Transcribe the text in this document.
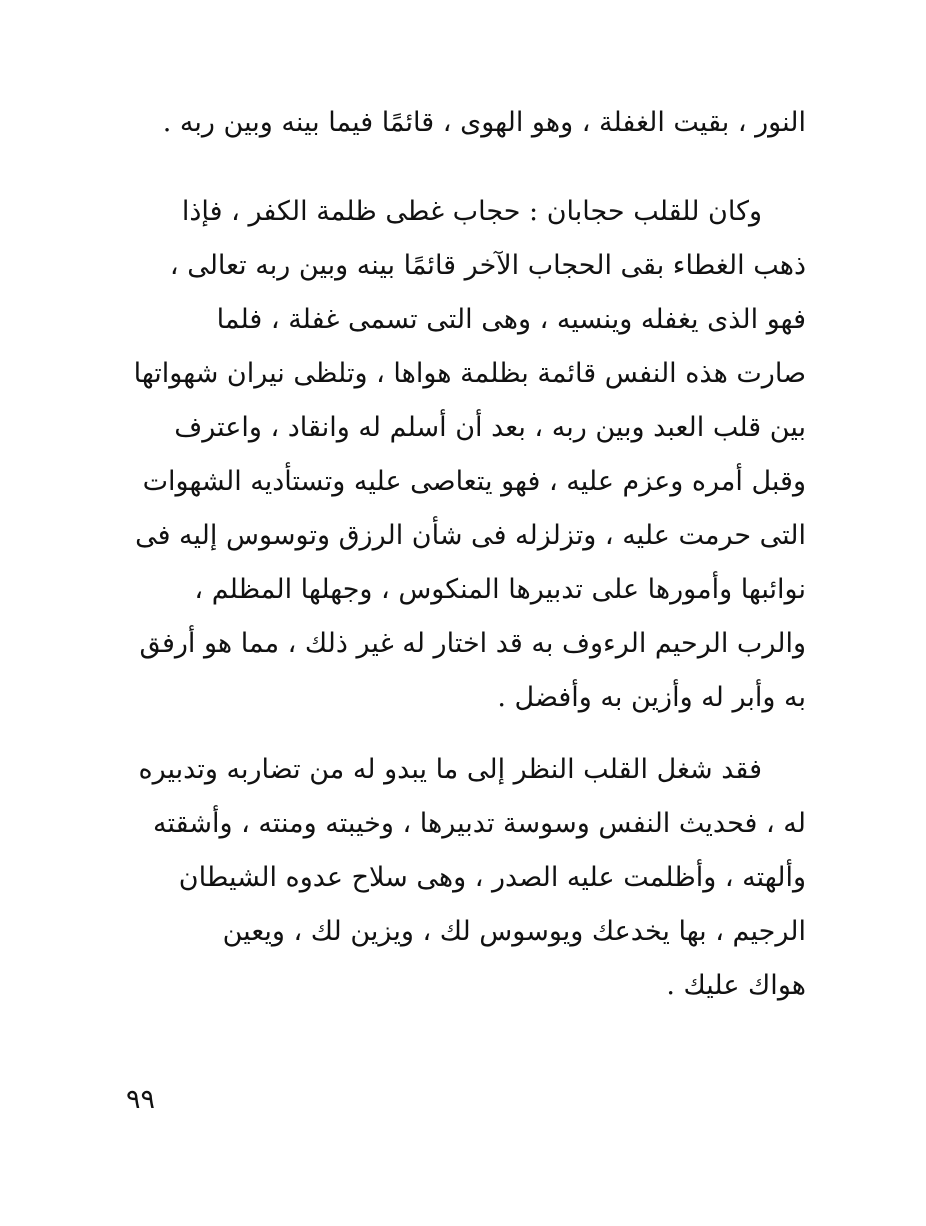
النور ، بقيت الغفلة ، وهو الهوى ، قائمًا فيما بينه وبين ربه .
وكان للقلب حجابان : حجاب غطى ظلمة الكفر ، فإذا
ذهب الغطاء بقى الحجاب الآخر قائمًا بينه وبين ربه تعالى ،
فهو الذى يغفله وينسيه ، وهى التى تسمى غفلة ، فلما
صارت هذه النفس قائمة بظلمة هواها ، وتلظى نيران شهواتها
بين قلب العبد وبين ربه ، بعد أن أسلم له وانقاد ، واعترف
وقبل أمره وعزم عليه ، فهو يتعاصى عليه وتستأديه الشهوات
التى حرمت عليه ، وتزلزله فى شأن الرزق وتوسوس إليه فى
نوائبها وأمورها على تدبيرها المنكوس ، وجهلها المظلم ،
والرب الرحيم الرءوف به قد اختار له غير ذلك ، مما هو أرفق
به وأبر له وأزين به وأفضل .
فقد شغل القلب النظر إلى ما يبدو له من تضاربه وتدبيره
له ، فحديث النفس وسوسة تدبيرها ، وخيبته ومنته ، وأشقته
وألهته ، وأظلمت عليه الصدر ، وهى سلاح عدوه الشيطان
الرجيم ، بها يخدعك ويوسوس لك ، ويزين لك ، ويعين
هواك عليك .
٩٩
